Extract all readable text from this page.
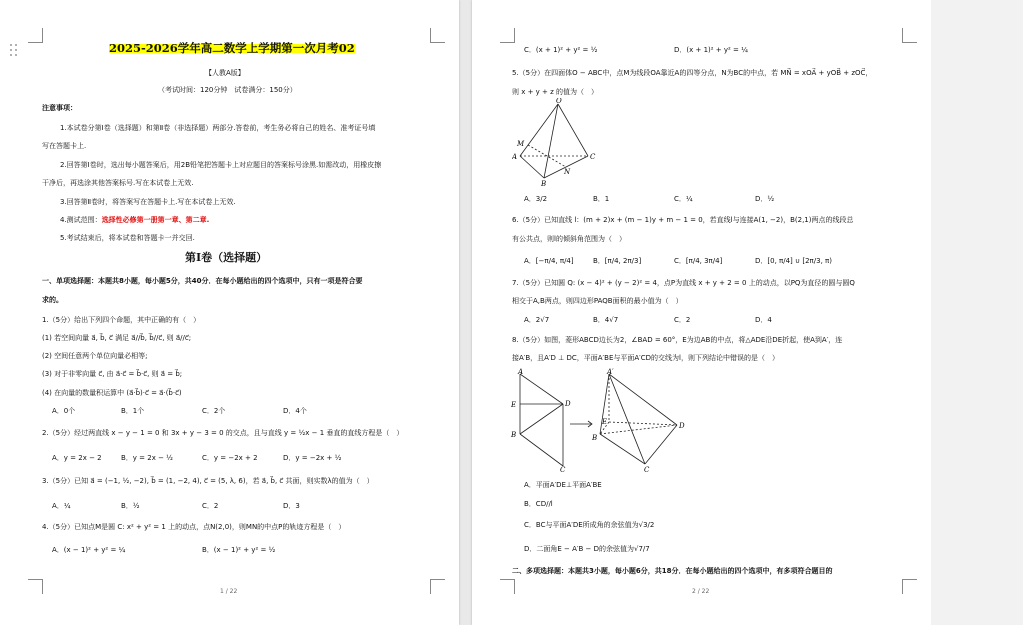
2025-2026学年高二数学上学期第一次月考02
【人教A版】
（考试时间：120分钟　试卷满分：150分）
注意事项：
1.本试卷分第Ⅰ卷（选择题）和第Ⅱ卷（非选择题）两部分.答卷前，考生务必将自己的姓名、准考证号填
写在答题卡上.
2.回答第Ⅰ卷时，选出每小题答案后，用2B铅笔把答题卡上对应题目的答案标号涂黑.如需改动，用橡皮擦
干净后，再选涂其他答案标号.写在本试卷上无效.
3.回答第Ⅱ卷时，将答案写在答题卡上.写在本试卷上无效.
4.测试范围：选择性必修第一册第一章、第二章.
5.考试结束后，将本试卷和答题卡一并交回.
第Ⅰ卷（选择题）
一、单项选择题：本题共8小题，每小题5分，共40分．在每小题给出的四个选项中，只有一项是符合要
求的。
1.（5分）给出下列四个命题，其中正确的有（　）
(1) 若空间向量 a⃗, b⃗, c⃗ 满足 a⃗//b⃗, b⃗//c⃗, 则 a⃗//c⃗;
(2) 空间任意两个单位向量必相等;
(3) 对于非零向量 c⃗, 由 a⃗·c⃗ = b⃗·c⃗, 则 a⃗ = b⃗;
(4) 在向量的数量积运算中 (a⃗·b⃗)·c⃗ = a⃗·(b⃗·c⃗)
A．0个	B．1个	C．2个	D．4个
2.（5分）经过两直线 x − y − 1 = 0 和 3x + y − 3 = 0 的交点，且与直线 y = ½x − 1 垂直的直线方程是（　）
A．y = 2x − 2	B．y = 2x − ½	C．y = −2x + 2	D．y = −2x + ½
3.（5分）已知 a⃗ = (−1, ½, −2), b⃗ = (1, −2, 4), c⃗ = (5, λ, 6)，若 a⃗, b⃗, c⃗ 共面，则实数λ的值为（　）
A．¼	B．½	C．2	D．3
4.（5分）已知点M是圆 C: x² + y² = 1 上的动点，点N(2,0)，则MN的中点P的轨迹方程是（　）
A．(x − 1)² + y² = ¼	B．(x − 1)² + y² = ½
1 / 22
C．(x + 1)² + y² = ½	D．(x + 1)² + y² = ¼
5.（5分）在四面体O − ABC中，点M为线段OA靠近A的四等分点，N为BC的中点，若 MN⃗ = xOA⃗ + yOB⃗ + zOC⃗，
则 x + y + z 的值为（　）
O
M
A	C
N
B
A．3/2	B．1	C．¼	D．½
6.（5分）已知直线 l：(m + 2)x + (m − 1)y + m − 1 = 0，若直线l与连接A(1, −2)，B(2,1)两点的线段总
有公共点，则l的倾斜角范围为（　）
A．[−π/4, π/4]	B．[π/4, 2π/3]	C．[π/4, 3π/4]	D．[0, π/4] ∪ [2π/3, π)
7.（5分）已知圆 Q: (x − 4)² + (y − 2)² = 4，点P为直线 x + y + 2 = 0 上的动点，以PQ为直径的圆与圆Q
相交于A,B两点，则四边形PAQB面积的最小值为（　）
A．2√7	B．4√7	C．2	D．4
8.（5分）如图，菱形ABCD边长为2，∠BAD = 60°，E为边AB的中点，将△ADE沿DE折起，使A到A′，连
接A′B，且A′D ⊥ DC，平面A′BE与平面A′CD的交线为l，则下列结论中错误的是（　）
A
E	D
B
C
A′
E	D
B
C
A．平面A′DE⊥平面A′BE
B．CD//l
C．BC与平面A′DE所成角的余弦值为√3/2
D．二面角E − A′B − D的余弦值为√7/7
二、多项选择题：本题共3小题，每小题6分，共18分．在每小题给出的四个选项中，有多项符合题目的
2 / 22
